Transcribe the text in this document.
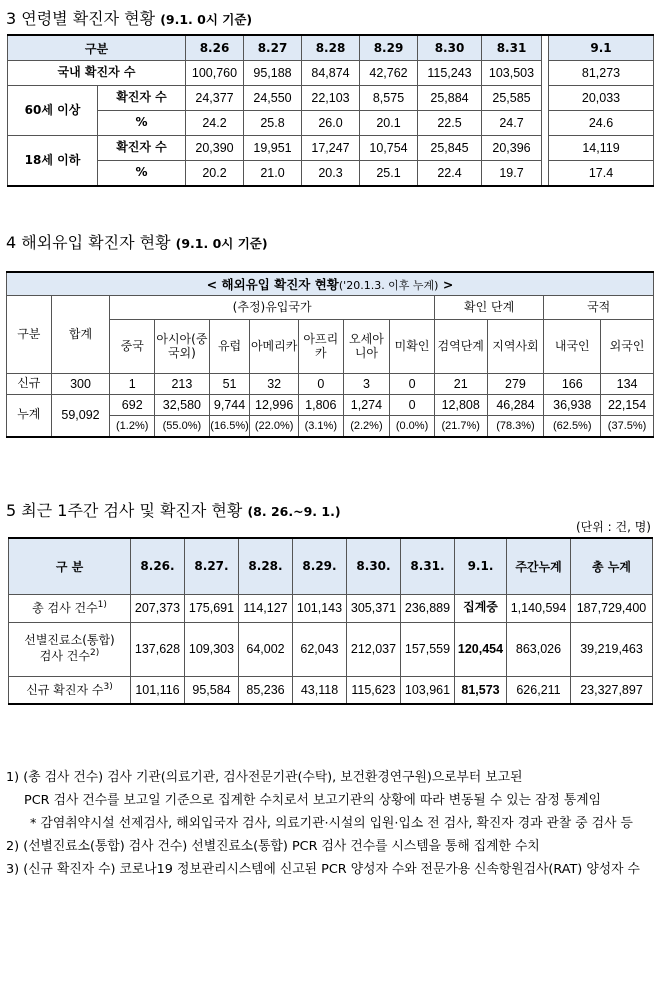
3 연령별 확진자 현황 (9.1. 0시 기준)
구분		8.26	8.27	8.28	8.29	8.30	8.31		9.1
국내 확진자 수		100,760	95,188	84,874	42,762	115,243	103,503		81,273
60세 이상	확진자 수	24,377	24,550	22,103	8,575	25,884	25,585		20,033
	%	24.2	25.8	26.0	20.1	22.5	24.7		24.6
18세 이하	확진자 수	20,390	19,951	17,247	10,754	25,845	20,396		14,119
	%	20.2	21.0	20.3	25.1	22.4	19.7		17.4
4 해외유입 확진자 현황 (9.1. 0시 기준)
< 해외유입 확진자 현황('20.1.3. 이후 누계) >												
구분	합계	(추정)유입국가							확인 단계		국적	
		중국	아시아(중국외)	유럽	아메리카	아프리카	오세아니아	미확인	검역단계	지역사회	내국인	외국인
신규	300	1	213	51	32	0	3	0	21	279	166	134
누계	59,092	692	32,580	9,744	12,996	1,806	1,274	0	12,808	46,284	36,938	22,154
		(1.2%)	(55.0%)	(16.5%)	(22.0%)	(3.1%)	(2.2%)	(0.0%)	(21.7%)	(78.3%)	(62.5%)	(37.5%)
5 최근 1주간 검사 및 확진자 현황 (8. 26.~9. 1.)
(단위 : 건, 명)
구 분	8.26.	8.27.	8.28.	8.29.	8.30.	8.31.	9.1.	주간누계	총 누계
총 검사 건수$^{1)}$	207,373	175,691	114,127	101,143	305,371	236,889	집계중	1,140,594	187,729,400
선별진료소(통합)
검사 건수$^{2)}$	137,628	109,303	64,002	62,043	212,037	157,559	120,454	863,026	39,219,463
신규 확진자 수$^{3)}$	101,116	95,584	85,236	43,118	115,623	103,961	81,573	626,211	23,327,897

1) (총 검사 건수) 검사 기관(의료기관, 검사전문기관(수탁), 보건환경연구원)으로부터 보고된

PCR 검사 건수를 보고일 기준으로 집계한 수치로서 보고기관의 상황에 따라 변동될 수 있는 잠정 통계임

* 감염취약시설 선제검사, 해외입국자 검사, 의료기관·시설의 입원·입소 전 검사, 확진자 경과 관찰 중 검사 등

2) (선별진료소(통합) 검사 건수) 선별진료소(통합) PCR 검사 건수를 시스템을 통해 집계한 수치

3) (신규 확진자 수) 코로나19 정보관리시스템에 신고된 PCR 양성자 수와 전문가용 신속항원검사(RAT) 양성자 수
